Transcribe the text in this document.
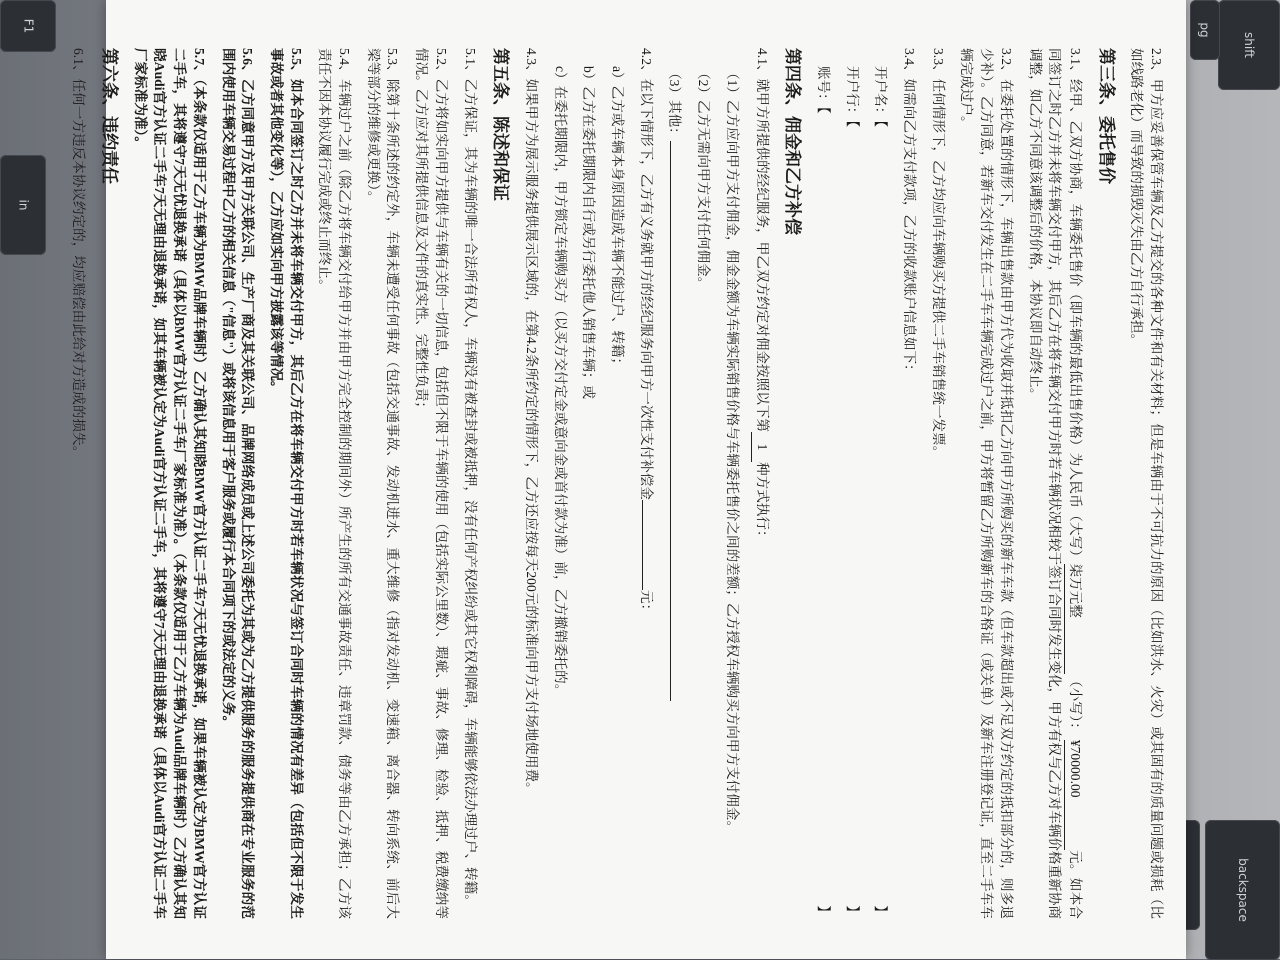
F1
in
backspace
shift
pg

2.3、甲方应妥善保管车辆及乙方提交的各种文件和有关材料；但是车辆由于不可抗力的原因（比如洪水、火灾）或其固有的质量问题或损耗（比如线路老化）而导致的损毁灭失由乙方自行承担。

第三条、委托售价

3.1、经甲、乙双方协商，车辆委托售价（即车辆的最低出售价格）为人民币（大写）柒万元整（小写）： ¥70000.00元。如本合同签订之时乙方并未将车辆交付甲方，其后乙方在将车辆交付甲方时若车辆状况相较于签订合同时发生变化，甲方有权与乙方对车辆价格重新协商调整，如乙方不同意该调整后的价格，本协议即自动终止。

3.2、在委托处置的情形下，车辆出售款由甲方代为收取并抵扣乙方向甲方所购买的新车车款（但车款超出或不足双方约定的抵扣部分的，则多退少补）。乙方同意，若新车交付发生在二手车车辆完成过户之前，甲方将暂留乙方所购新车的合格证（或关单）及新车注册登记证，直至二手车车辆完成过户。

3.3、任何情形下，乙方均应向车辆购买方提供二手车销售统一发票。

3.4、如需向乙方支付款项，乙方的收款账户信息如下：

开户名：【
】
开户行：【
】
账号：【
】
第四条、佣金和乙方补偿

4.1、就甲方所提供的经纪服务，甲乙双方约定对佣金按照以下第1种方式执行：

（1）乙方应向甲方支付佣金，佣金金额为车辆实际销售价格与车辆委托售价之间的差额；乙方授权车辆购买方向甲方支付佣金。

（2）乙方无需向甲方支付任何佣金。

（3）其他：

4.2、在以下情形下，乙方有义务就甲方的经纪服务向甲方一次性支付补偿金元：

a）乙方或车辆本身原因造成车辆不能过户、转籍；

b）乙方在委托期限内自行或另行委托他人销售车辆；或

c）在委托期限内，甲方锁定车辆购买方（以买方交付定金或意向金或首付款为准）前，乙方撤销委托的。

4.3、如果甲方为展示服务提供展示区域的，在第4.2条所约定的情形下，乙方还应按每天200元的标准向甲方支付场地使用费。

第五条、陈述和保证

5.1、乙方保证，其为车辆的唯一合法所有权人，车辆没有被查封或被抵押，没有任何产权纠纷或其它权利障碍，车辆能够依法办理过户、转籍。

5.2、乙方将如实向甲方提供与车辆有关的一切信息，包括但不限于车辆的使用（包括实际公里数）、瑕疵、事故、修理、检验、抵押、税费缴纳等情况。乙方应对其所提供信息及文件的真实性、完整性负责；

5.3、除第十条所述的约定外，车辆未遭受任何事故（包括交通事故、发动机进水、重大维修（指对发动机、变速箱、离合器、转向系统、前后大梁等部分的维修或更换）。

5.4、车辆过户之前（除乙方将车辆交付给甲方并由甲方完全控制的期间外）所产生的所有交通事故责任、违章罚款、债务等由乙方承担；乙方该责任不因本协议履行完成或终止而终止。

5.5、如本合同签订之时乙方并未将车辆交付甲方，其后乙方在将车辆交付甲方时若车辆状况与签订合同时车辆的情况有差异（包括但不限于发生事故或者其他变化等），乙方应如实向甲方披露该等情况。

5.6、乙方同意甲方及甲方关联公司、生产厂商及其关联公司、品牌网络成员或上述公司委托为其或为乙方提供服务的服务提供商在专业服务的范围内使用车辆交易过程中乙方的相关信息（"信息"）或将该信息用于客户服务或履行本合同项下的或法定的义务。

5.7、（本条款仅适用于乙方车辆为BMW品牌车辆时）乙方确认其知晓BMW官方认证二手车7天无忧退换承诺，如果车辆被认定为BMW官方认证二手车，其将遵守7天无忧退换承诺（具体以BMW官方认证二手车厂家标准为准）。（本条款仅适用于乙方车辆为Audi品牌车辆时）乙方确认其知晓Audi官方认证二手车7天无理由退换承诺，如其车辆被认定为Audi官方认证二手车，其将遵守7天无理由退换承诺（具体以Audi官方认证二手车厂家标准为准）。

第六条、违约责任

6.1、任何一方违反本协议约定的，均应赔偿由此给对方造成的损失。
